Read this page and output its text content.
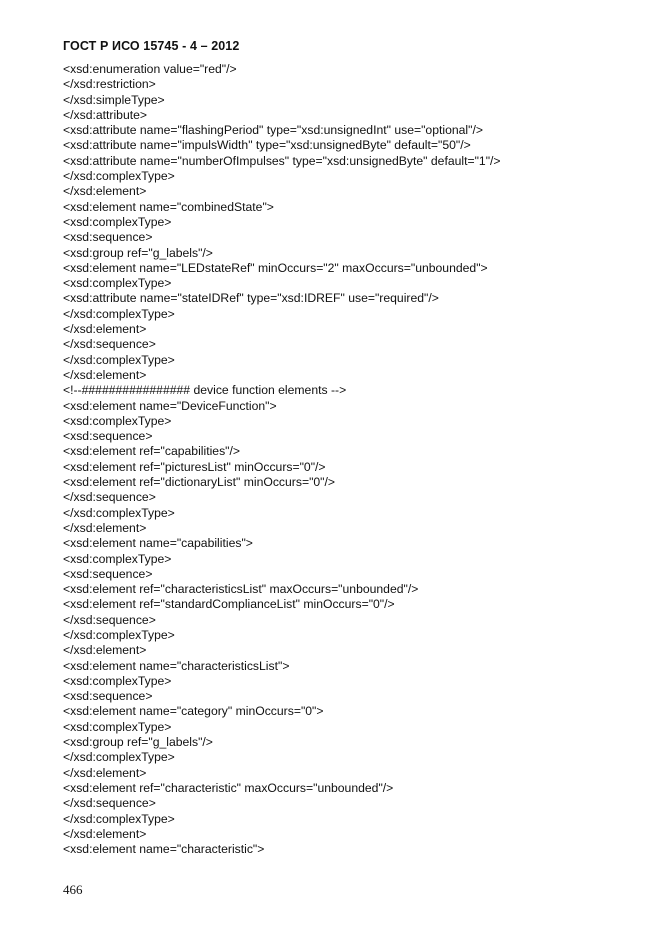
ГОСТ Р ИСО 15745 - 4 – 2012
<xsd:enumeration value="red"/>
</xsd:restriction>
</xsd:simpleType>
</xsd:attribute>
<xsd:attribute name="flashingPeriod" type="xsd:unsignedInt" use="optional"/>
<xsd:attribute name="impulsWidth" type="xsd:unsignedByte" default="50"/>
<xsd:attribute name="numberOfImpulses" type="xsd:unsignedByte" default="1"/>
</xsd:complexType>
</xsd:element>
<xsd:element name="combinedState">
<xsd:complexType>
<xsd:sequence>
<xsd:group ref="g_labels"/>
<xsd:element name="LEDstateRef" minOccurs="2" maxOccurs="unbounded">
<xsd:complexType>
<xsd:attribute name="stateIDRef" type="xsd:IDREF" use="required"/>
</xsd:complexType>
</xsd:element>
</xsd:sequence>
</xsd:complexType>
</xsd:element>
<!--################ device function elements -->
<xsd:element name="DeviceFunction">
<xsd:complexType>
<xsd:sequence>
<xsd:element ref="capabilities"/>
<xsd:element ref="picturesList" minOccurs="0"/>
<xsd:element ref="dictionaryList" minOccurs="0"/>
</xsd:sequence>
</xsd:complexType>
</xsd:element>
<xsd:element name="capabilities">
<xsd:complexType>
<xsd:sequence>
<xsd:element ref="characteristicsList" maxOccurs="unbounded"/>
<xsd:element ref="standardComplianceList" minOccurs="0"/>
</xsd:sequence>
</xsd:complexType>
</xsd:element>
<xsd:element name="characteristicsList">
<xsd:complexType>
<xsd:sequence>
<xsd:element name="category" minOccurs="0">
<xsd:complexType>
<xsd:group ref="g_labels"/>
</xsd:complexType>
</xsd:element>
<xsd:element ref="characteristic" maxOccurs="unbounded"/>
</xsd:sequence>
</xsd:complexType>
</xsd:element>
<xsd:element name="characteristic">
466
